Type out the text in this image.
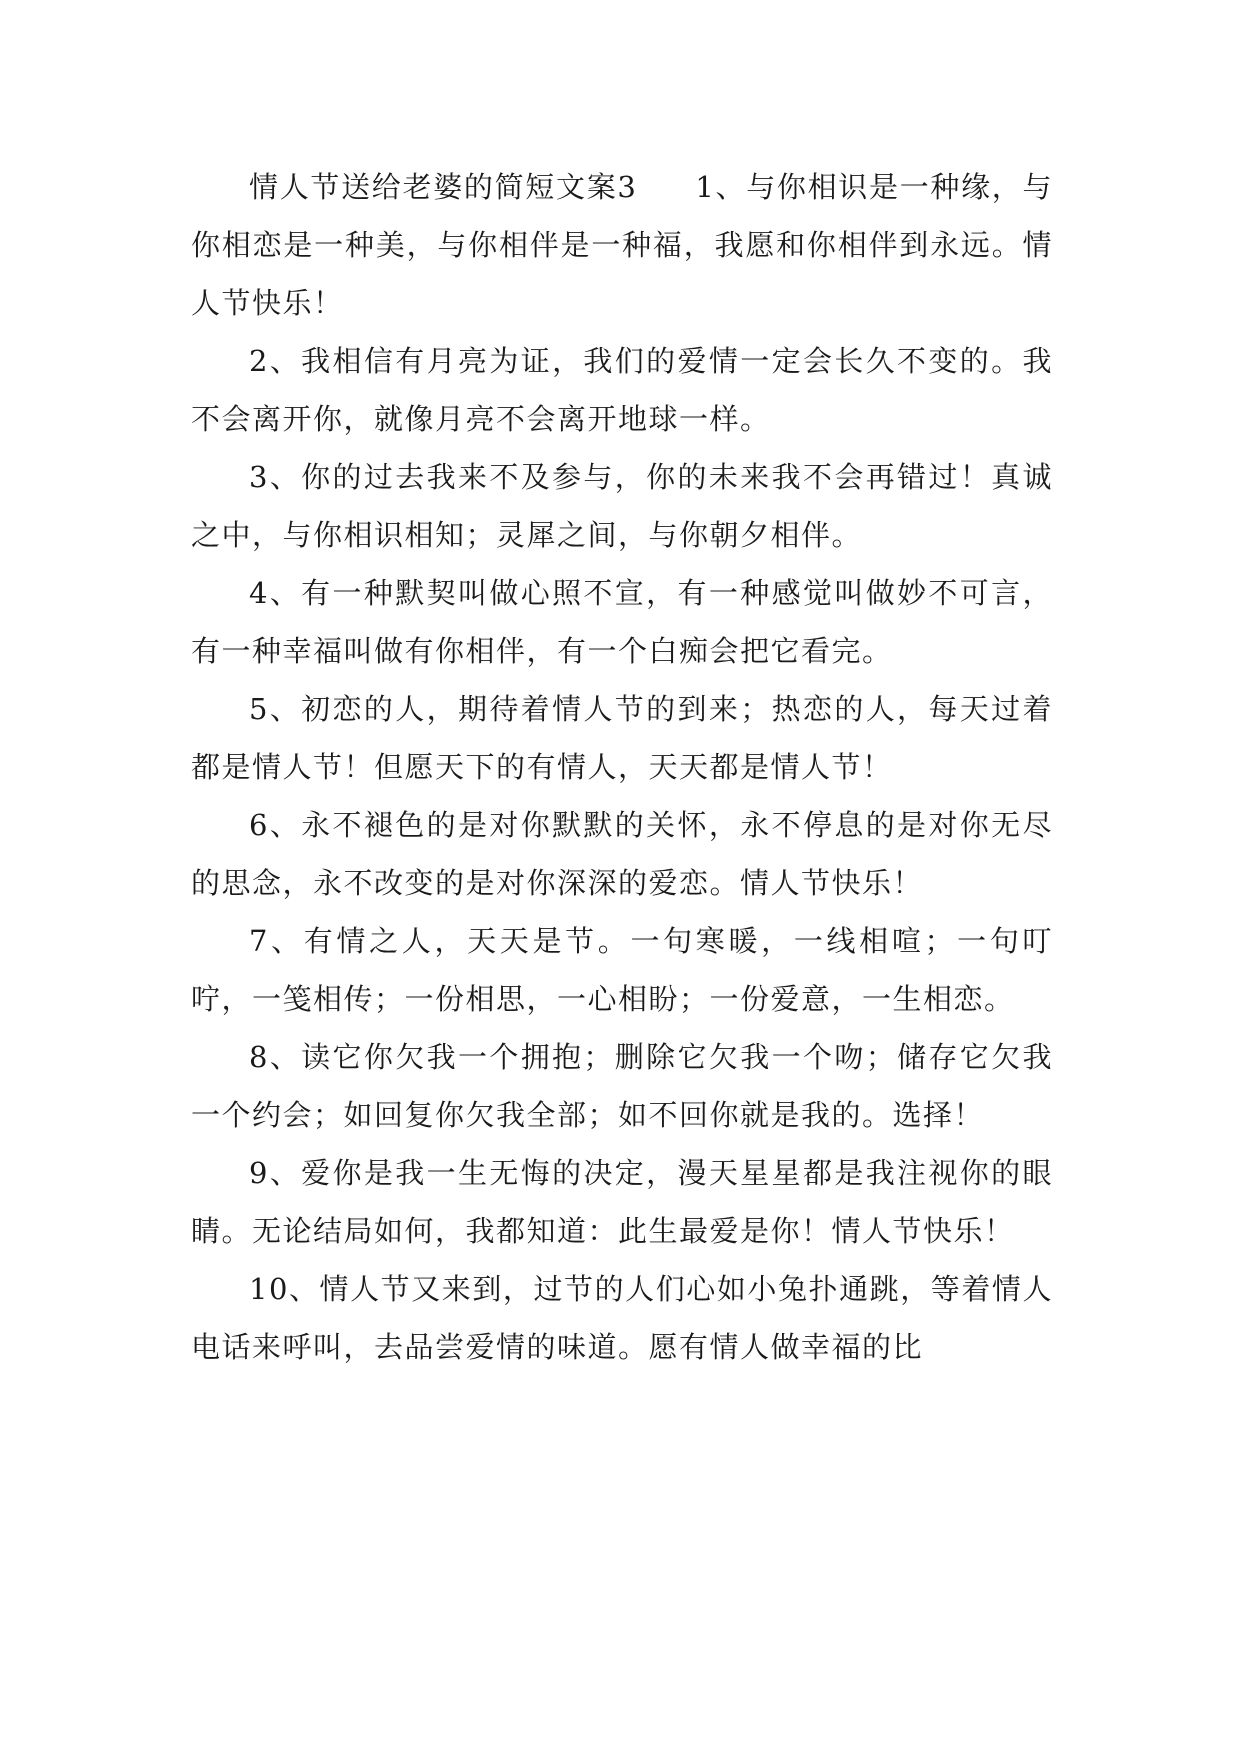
情人节送给老婆的简短文案3 1、与你相识是一种缘，与你相恋是一种美，与你相伴是一种福，我愿和你相伴到永远。情人节快乐！

2、我相信有月亮为证，我们的爱情一定会长久不变的。我不会离开你，就像月亮不会离开地球一样。

3、你的过去我来不及参与，你的未来我不会再错过！真诚之中，与你相识相知；灵犀之间，与你朝夕相伴。

4、有一种默契叫做心照不宣，有一种感觉叫做妙不可言，有一种幸福叫做有你相伴，有一个白痴会把它看完。

5、初恋的人，期待着情人节的到来；热恋的人，每天过着都是情人节！但愿天下的有情人，天天都是情人节！

6、永不褪色的是对你默默的关怀，永不停息的是对你无尽的思念，永不改变的是对你深深的爱恋。情人节快乐！

7、有情之人，天天是节。一句寒暖，一线相喧；一句叮咛，一笺相传；一份相思，一心相盼；一份爱意，一生相恋。

8、读它你欠我一个拥抱；删除它欠我一个吻；储存它欠我一个约会；如回复你欠我全部；如不回你就是我的。选择！

9、爱你是我一生无悔的决定，漫天星星都是我注视你的眼睛。无论结局如何，我都知道：此生最爱是你！情人节快乐！

10、情人节又来到，过节的人们心如小兔扑通跳，等着情人电话来呼叫，去品尝爱情的味道。愿有情人做幸福的比
